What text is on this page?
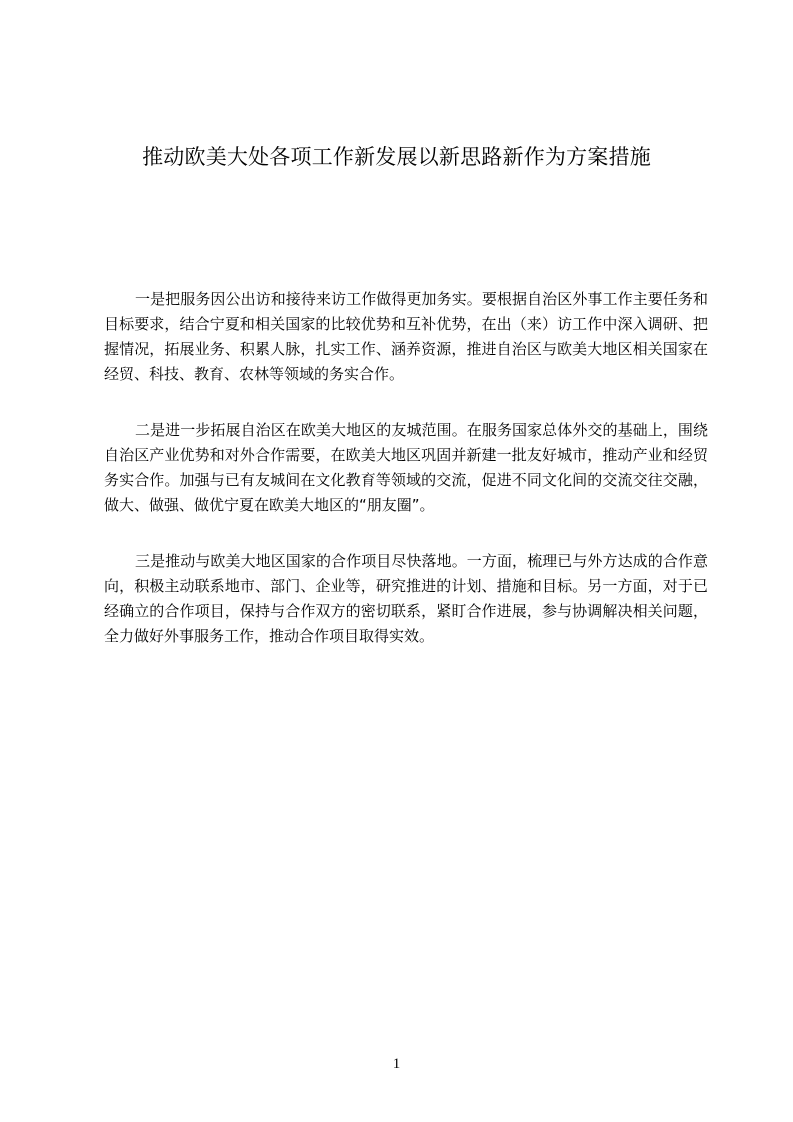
推动欧美大处各项工作新发展以新思路新作为方案措施

一是把服务因公出访和接待来访工作做得更加务实。要根据自治区外事工作主要任务和目标要求，结合宁夏和相关国家的比较优势和互补优势，在出（来）访工作中深入调研、把握情况，拓展业务、积累人脉，扎实工作、涵养资源，推进自治区与欧美大地区相关国家在经贸、科技、教育、农林等领域的务实合作。

二是进一步拓展自治区在欧美大地区的友城范围。在服务国家总体外交的基础上，围绕自治区产业优势和对外合作需要，在欧美大地区巩固并新建一批友好城市，推动产业和经贸务实合作。加强与已有友城间在文化教育等领域的交流，促进不同文化间的交流交往交融，做大、做强、做优宁夏在欧美大地区的“朋友圈”。

三是推动与欧美大地区国家的合作项目尽快落地。一方面，梳理已与外方达成的合作意向，积极主动联系地市、部门、企业等，研究推进的计划、措施和目标。另一方面，对于已经确立的合作项目，保持与合作双方的密切联系，紧盯合作进展，参与协调解决相关问题，全力做好外事服务工作，推动合作项目取得实效。

1
